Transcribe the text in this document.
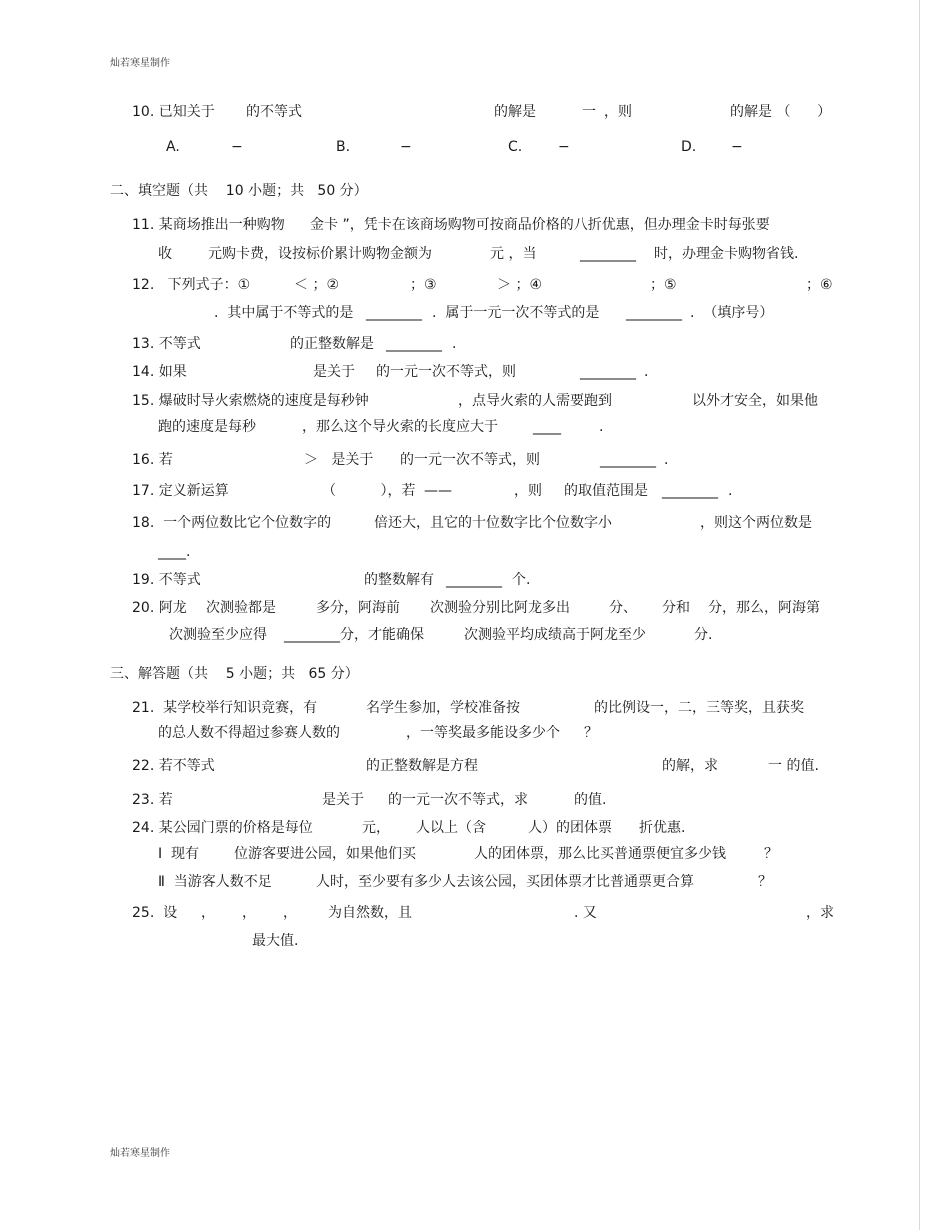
灿若寒星制作
10. 已知关于 的不等式	的解是	一 ，则	的解是 （      ）
A.	−	B.	−	C.	−	D. −
二、填空题（共    10 小题；共   50 分）
11. 某商场推出一种购物 金卡 ”，凭卡在该商场购物可按商品价格的八折优惠，但办理金卡时每张要
收	元购卡费，设按标价累计购物金额为	元 ，当	________ 时，办理金卡购物省钱.
12.   下列式子：①	＜ ；②	；③	＞ ；④	；⑤	；⑥
.  其中属于不等式的是 ________ .  属于一元一次不等式的是 ________ .  （填序号）
13. 不等式	的正整数解是 ________ .
14. 如果	是关于 的一元一次不等式，则	________ .
15. 爆破时导火索燃烧的速度是每秒钟	，点导火索的人需要跑到	以外才安全，如果他
跑的速度是每秒	，那么这个导火索的长度应大于	____	.
16. 若	＞   是关于 的一元一次不等式，则	________ .
17. 定义新运算	（          ），若 ——	，则 的取值范围是 ________ .
18.  一个两位数比它个位数字的	倍还大，且它的十位数字比个位数字小	，则这个两位数是
____.
19. 不等式	的整数解有 ________ 个.
20. 阿龙 次测验都是	多分，阿海前 次测验分别比阿龙多出	分、 分和 分，那么，阿海第
次测验至少应得 ________分，才能确保	次测验平均成绩高于阿龙至少	分.
三、解答题（共    5 小题；共   65 分）
21.  某学校举行知识竞赛，有	名学生参加，学校准备按	的比例设一，二，三等奖，且获奖
的总人数不得超过参赛人数的	，一等奖最多能设多少个 ？
22. 若不等式	的正整数解是方程	的解，求	一 的值.
23. 若	是关于 的一元一次不等式，求	的值.
24. 某公园门票的价格是每位	元， 人以上（含	人）的团体票 折优惠.
Ⅰ  现有 位游客要进公园，如果他们买	人的团体票，那么比买普通票便宜多少钱	？
Ⅱ  当游客人数不足	人时，至少要有多少人去该公园，买团体票才比普通票更合算	？
25.  设 ， ， ， 为自然数，且	. 又	，求
最大值.
灿若寒星制作
